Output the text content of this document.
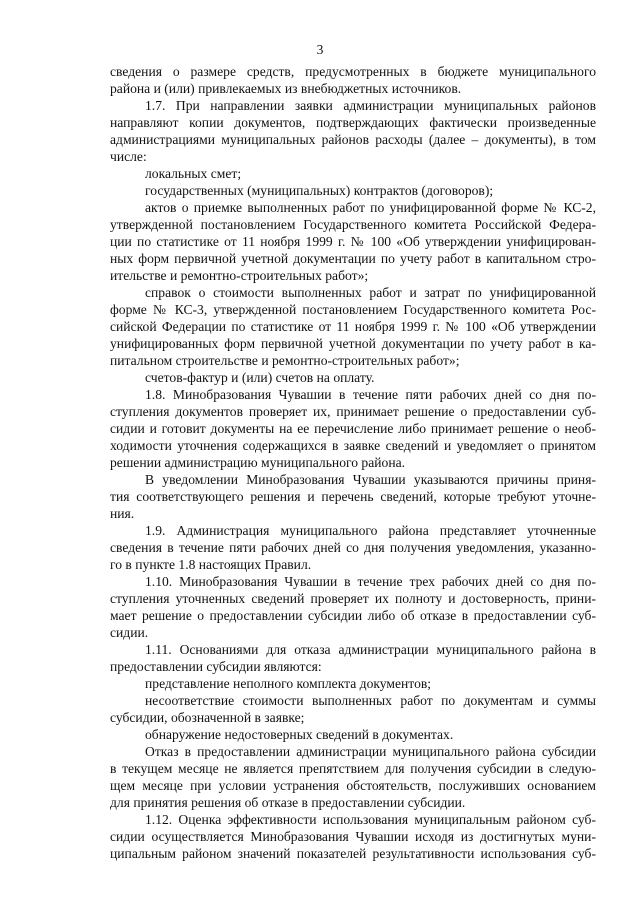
3
сведения о размере средств, предусмотренных в бюджете муниципального
района и (или) привлекаемых из внебюджетных источников.
1.7. При направлении заявки администрации муниципальных районов
направляют копии документов, подтверждающих фактически произведенные
администрациями муниципальных районов расходы (далее – документы), в том
числе:
локальных смет;
государственных (муниципальных) контрактов (договоров);
актов о приемке выполненных работ по унифицированной форме № КС-2,
утвержденной постановлением Государственного комитета Российской Федера-
ции по статистике от 11 ноября 1999 г. № 100 «Об утверждении унифицирован-
ных форм первичной учетной документации по учету работ в капитальном стро-
ительстве и ремонтно-строительных работ»;
справок о стоимости выполненных работ и затрат по унифицированной
форме № КС-3, утвержденной постановлением Государственного комитета Рос-
сийской Федерации по статистике от 11 ноября 1999 г. № 100 «Об утверждении
унифицированных форм первичной учетной документации по учету работ в ка-
питальном строительстве и ремонтно-строительных работ»;
счетов-фактур и (или) счетов на оплату.
1.8. Минобразования Чувашии в течение пяти рабочих дней со дня по-
ступления документов проверяет их, принимает решение о предоставлении суб-
сидии и готовит документы на ее перечисление либо принимает решение о необ-
ходимости уточнения содержащихся в заявке сведений и уведомляет о принятом
решении администрацию муниципального района.
В уведомлении Минобразования Чувашии указываются причины приня-
тия соответствующего решения и перечень сведений, которые требуют уточне-
ния.
1.9. Администрация муниципального района представляет уточненные
сведения в течение пяти рабочих дней со дня получения уведомления, указанно-
го в пункте 1.8 настоящих Правил.
1.10. Минобразования Чувашии в течение трех рабочих дней со дня по-
ступления уточненных сведений проверяет их полноту и достоверность, прини-
мает решение о предоставлении субсидии либо об отказе в предоставлении суб-
сидии.
1.11. Основаниями для отказа администрации муниципального района в
предоставлении субсидии являются:
представление неполного комплекта документов;
несоответствие стоимости выполненных работ по документам и суммы
субсидии, обозначенной в заявке;
обнаружение недостоверных сведений в документах.
Отказ в предоставлении администрации муниципального района субсидии
в текущем месяце не является препятствием для получения субсидии в следую-
щем месяце при условии устранения обстоятельств, послуживших основанием
для принятия решения об отказе в предоставлении субсидии.
1.12. Оценка эффективности использования муниципальным районом суб-
сидии осуществляется Минобразования Чувашии исходя из достигнутых муни-
ципальным районом значений показателей результативности использования суб-
